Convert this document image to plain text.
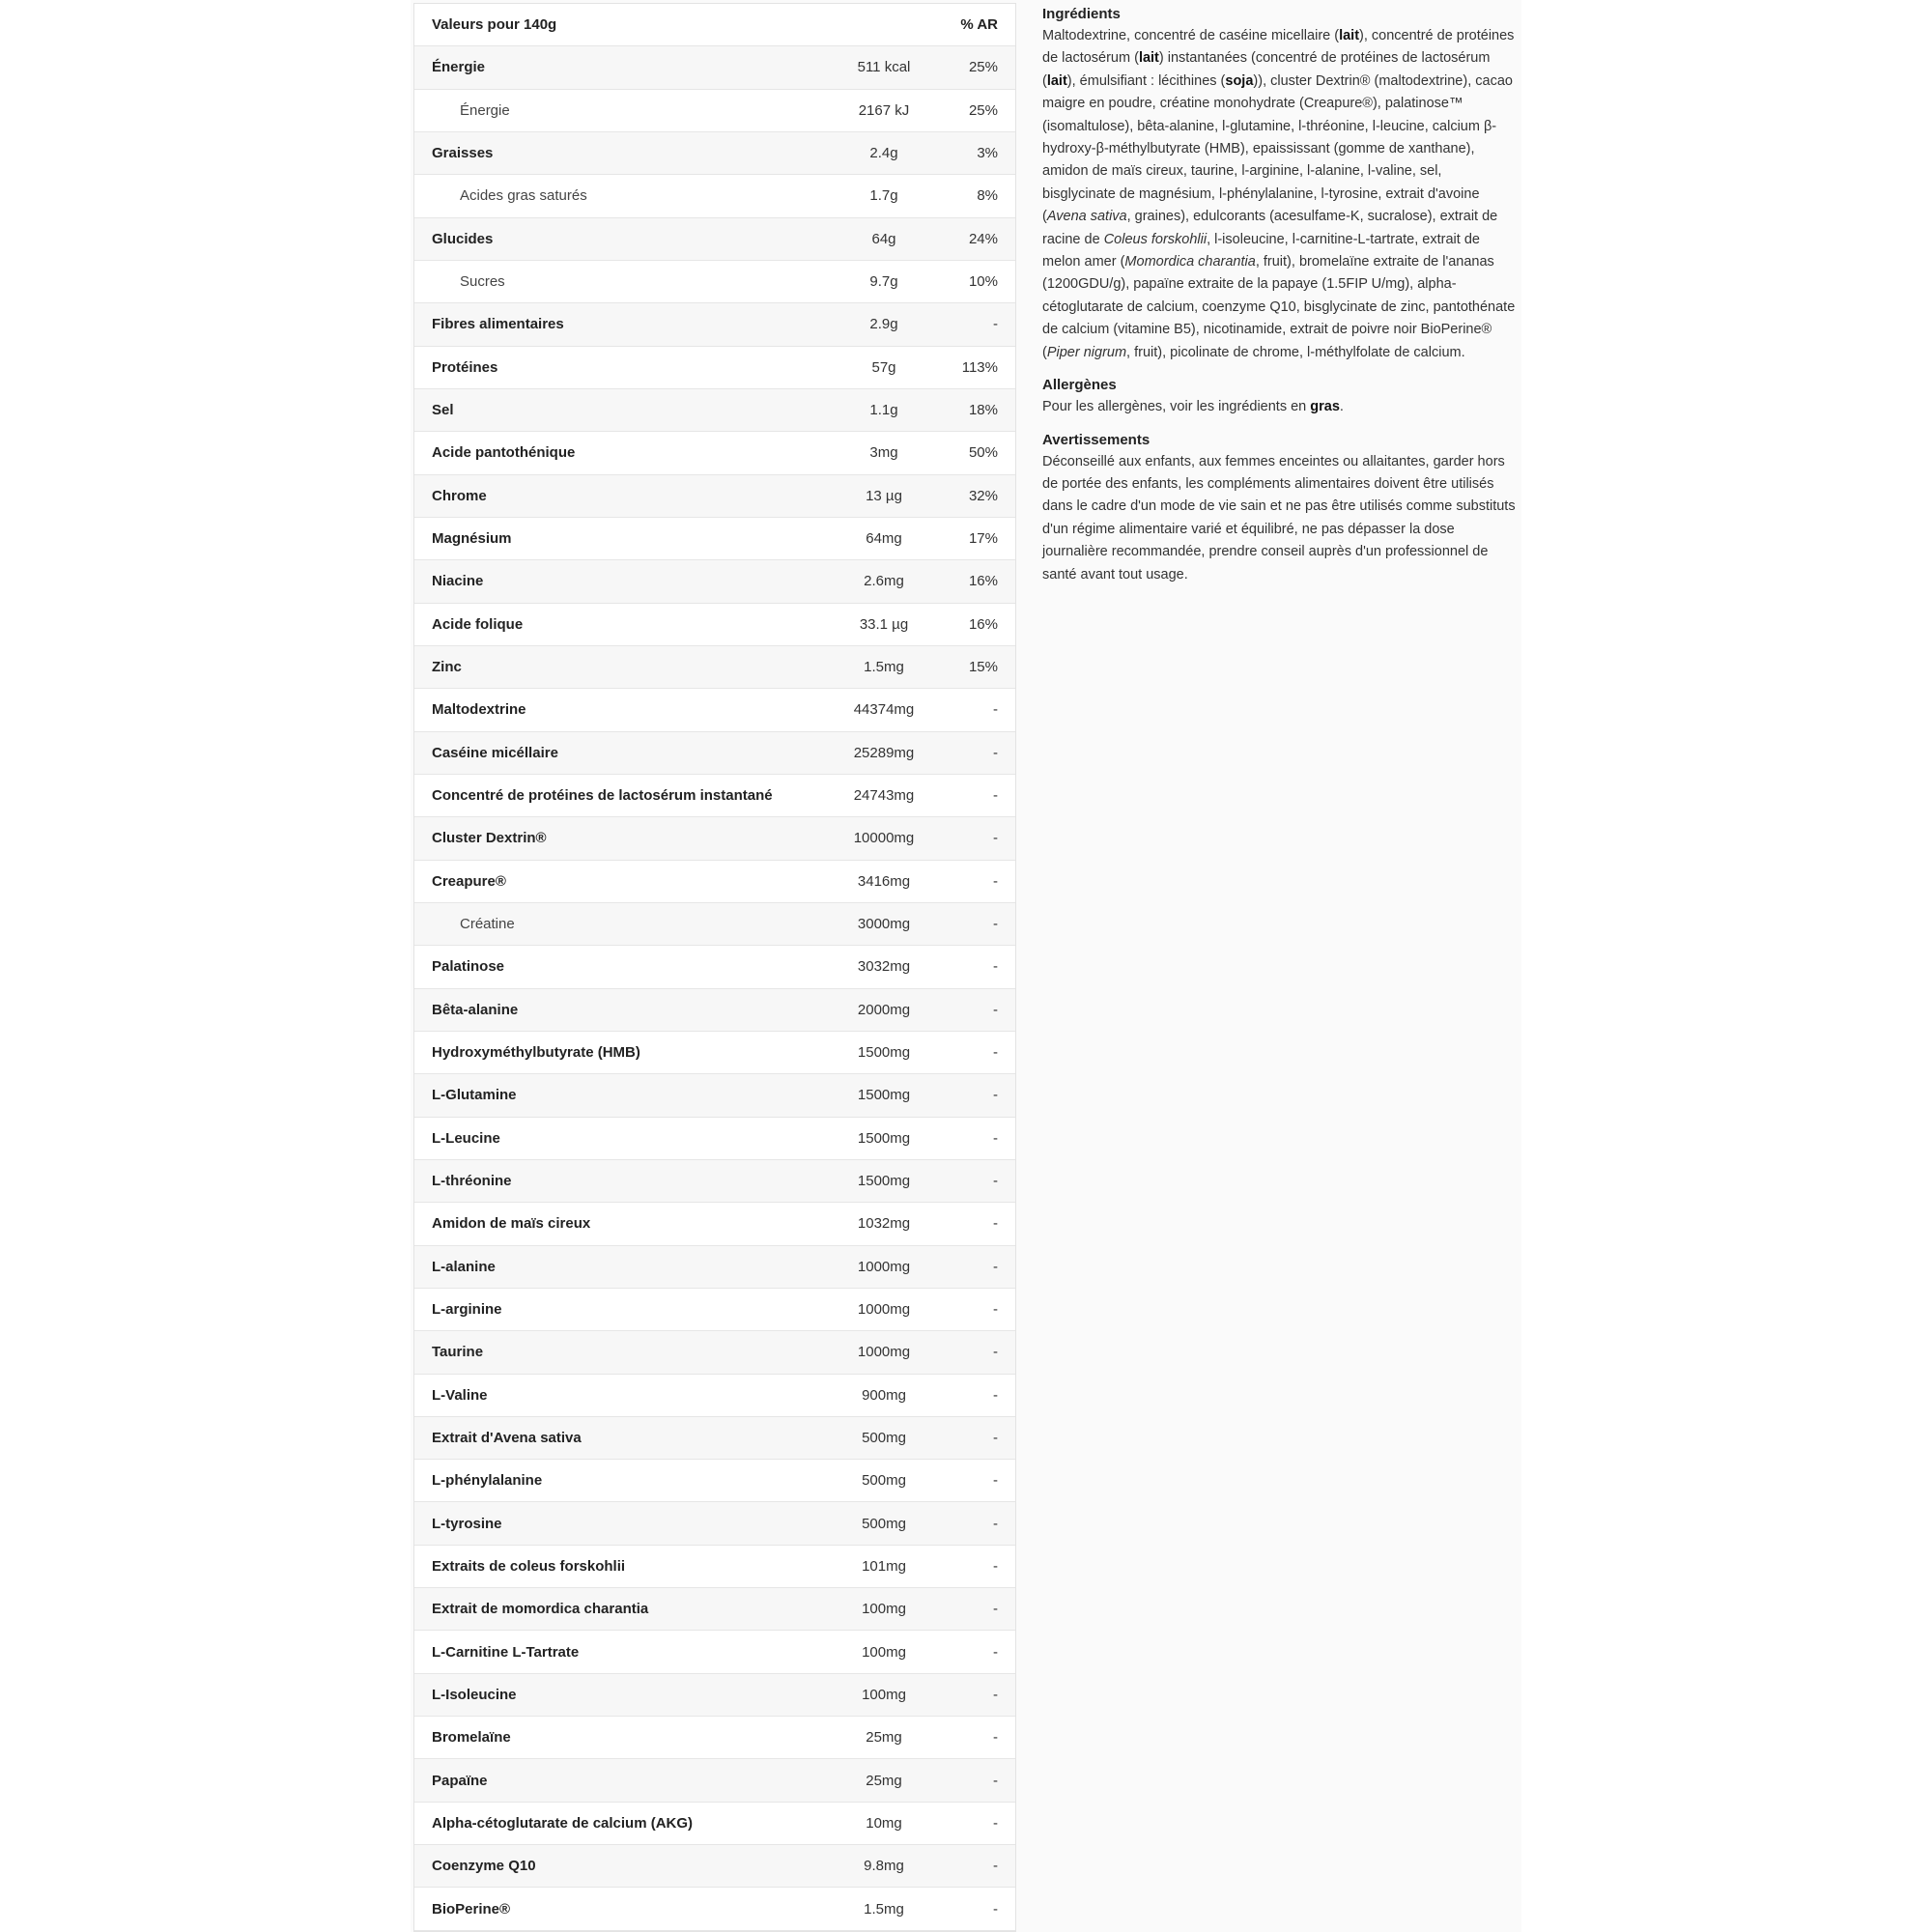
Valeurs pour 140g		% AR
Énergie	511 kcal	25%
Énergie	2167 kJ	25%
Graisses	2.4g	3%
Acides gras saturés	1.7g	8%
Glucides	64g	24%
Sucres	9.7g	10%
Fibres alimentaires	2.9g	-
Protéines	57g	113%
Sel	1.1g	18%
Acide pantothénique	3mg	50%
Chrome	13 µg	32%
Magnésium	64mg	17%
Niacine	2.6mg	16%
Acide folique	33.1 µg	16%
Zinc	1.5mg	15%
Maltodextrine	44374mg	-
Caséine micéllaire	25289mg	-
Concentré de protéines de lactosérum instantané	24743mg	-
Cluster Dextrin®	10000mg	-
Creapure®	3416mg	-
Créatine	3000mg	-
Palatinose	3032mg	-
Bêta-alanine	2000mg	-
Hydroxyméthylbutyrate (HMB)	1500mg	-
L-Glutamine	1500mg	-
L-Leucine	1500mg	-
L-thréonine	1500mg	-
Amidon de maïs cireux	1032mg	-
L-alanine	1000mg	-
L-arginine	1000mg	-
Taurine	1000mg	-
L-Valine	900mg	-
Extrait d'Avena sativa	500mg	-
L-phénylalanine	500mg	-
L-tyrosine	500mg	-
Extraits de coleus forskohlii	101mg	-
Extrait de momordica charantia	100mg	-
L-Carnitine L-Tartrate	100mg	-
L-Isoleucine	100mg	-
Bromelaïne	25mg	-
Papaïne	25mg	-
Alpha-cétoglutarate de calcium (AKG)	10mg	-
Coenzyme Q10	9.8mg	-
BioPerine®	1.5mg	-
Ingrédients

Maltodextrine, concentré de caséine micellaire (lait), concentré de protéines de lactosérum (lait) instantanées (concentré de protéines de lactosérum (lait), émulsifiant : lécithines (soja)), cluster Dextrin® (maltodextrine), cacao maigre en poudre, créatine monohydrate (Creapure®), palatinose™ (isomaltulose), bêta-alanine, l-glutamine, l-thréonine, l-leucine, calcium β-hydroxy-β-méthylbutyrate (HMB), epaississant (gomme de xanthane), amidon de maïs cireux, taurine, l-arginine, l-alanine, l-valine, sel, bisglycinate de magnésium, l-phénylalanine, l-tyrosine, extrait d'avoine (Avena sativa, graines), edulcorants (acesulfame-K, sucralose), extrait de racine de Coleus forskohlii, l-isoleucine, l-carnitine-L-tartrate, extrait de melon amer (Momordica charantia, fruit), bromelaïne extraite de l'ananas (1200GDU/g), papaïne extraite de la papaye (1.5FIP U/mg), alpha-cétoglutarate de calcium, coenzyme Q10, bisglycinate de zinc, pantothénate de calcium (vitamine B5), nicotinamide, extrait de poivre noir BioPerine® (Piper nigrum, fruit), picolinate de chrome, l-méthylfolate de calcium.

Allergènes

Pour les allergènes, voir les ingrédients en gras.

Avertissements

Déconseillé aux enfants, aux femmes enceintes ou allaitantes, garder hors de portée des enfants, les compléments alimentaires doivent être utilisés dans le cadre d'un mode de vie sain et ne pas être utilisés comme substituts d'un régime alimentaire varié et équilibré, ne pas dépasser la dose journalière recommandée, prendre conseil auprès d'un professionnel de santé avant tout usage.
